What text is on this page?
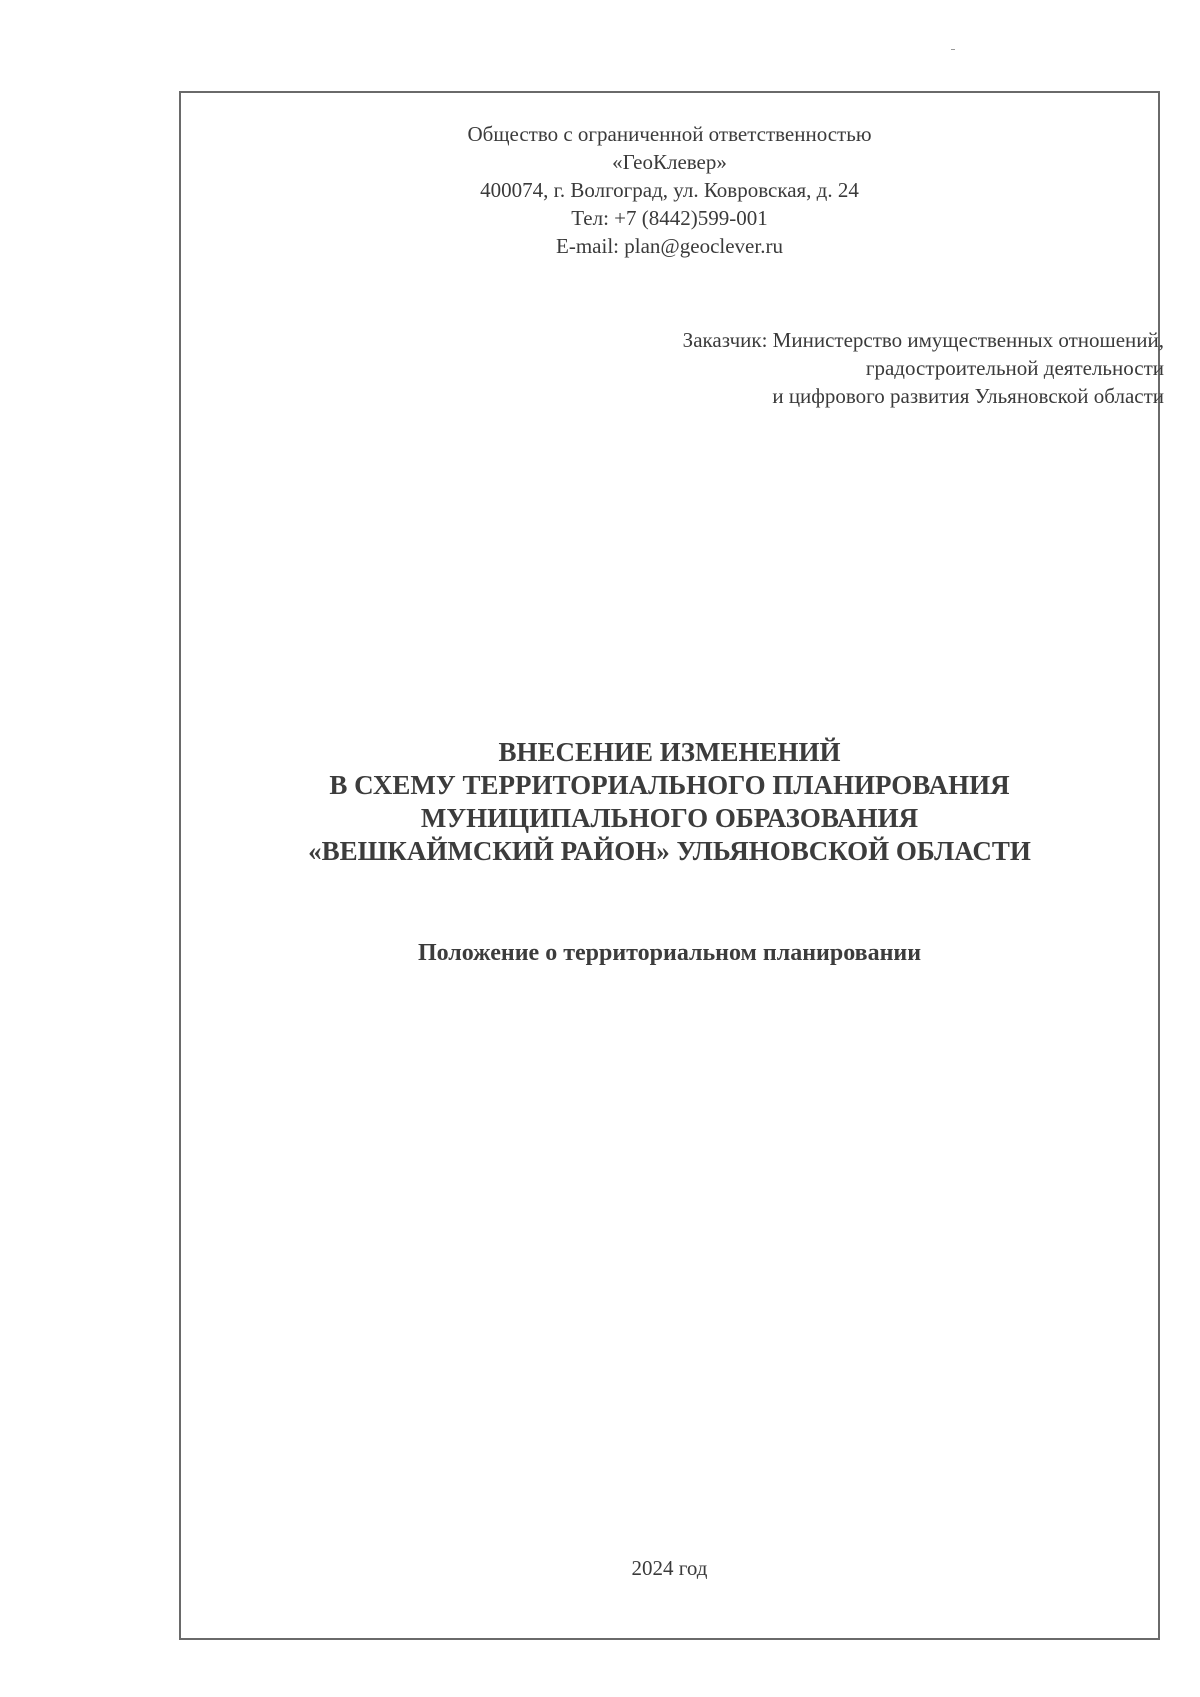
Общество с ограниченной ответственностью
«ГеоКлевер»
400074, г. Волгоград, ул. Ковровская, д. 24
Тел: +7 (8442)599-001
E-mail: plan@geoclever.ru
Заказчик: Министерство имущественных отношений,
градостроительной деятельности
и цифрового развития Ульяновской области
ВНЕСЕНИЕ ИЗМЕНЕНИЙ
В СХЕМУ ТЕРРИТОРИАЛЬНОГО ПЛАНИРОВАНИЯ
МУНИЦИПАЛЬНОГО ОБРАЗОВАНИЯ
«ВЕШКАЙМСКИЙ РАЙОН» УЛЬЯНОВСКОЙ ОБЛАСТИ
Положение о территориальном планировании
2024 год
